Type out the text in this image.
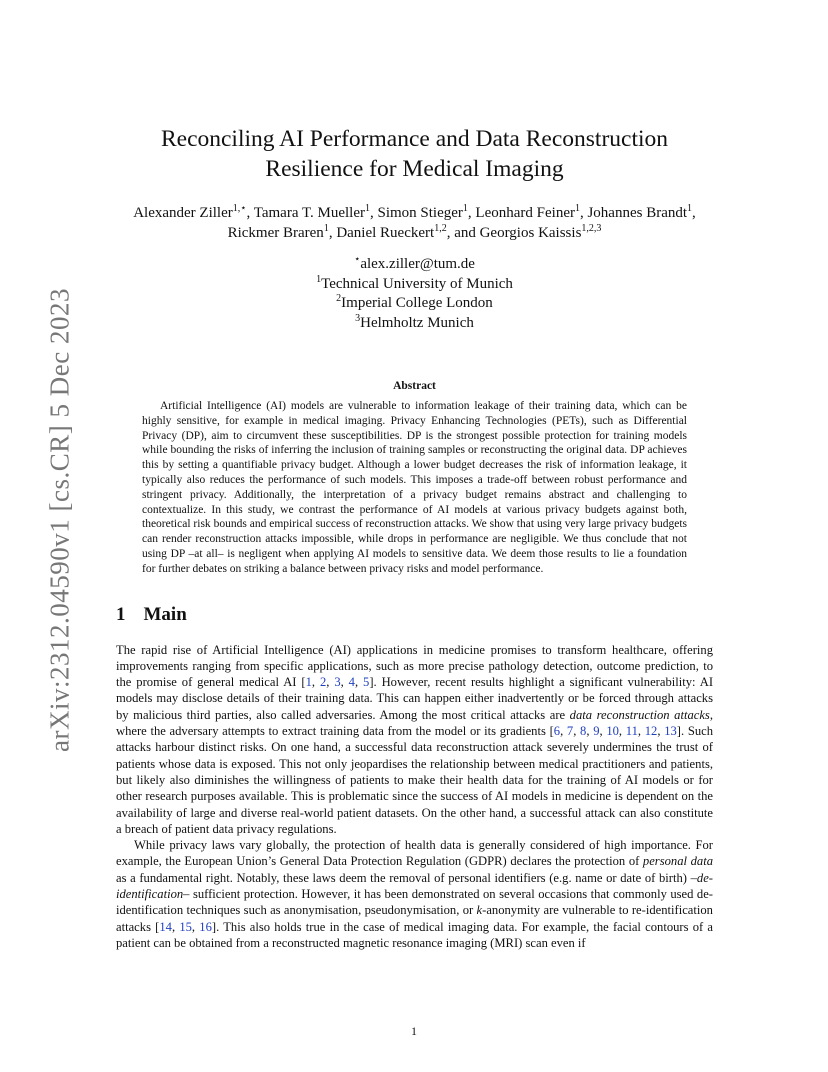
arXiv:2312.04590v1 [cs.CR] 5 Dec 2023
Reconciling AI Performance and Data Reconstruction
Resilience for Medical Imaging
Alexander Ziller$^{1,⋆}$, Tamara T. Mueller$^1$, Simon Stieger$^1$, Leonhard Feiner$^1$, Johannes Brandt$^1$, Rickmer Braren$^1$, Daniel Rueckert$^{1,2}$, and Georgios Kaissis$^{1,2,3}$
⋆alex.ziller@tum.de
$^1$Technical University of Munich
$^2$Imperial College London
$^3$Helmholtz Munich
Abstract

Artificial Intelligence (AI) models are vulnerable to information leakage of their training data, which can be highly sensitive, for example in medical imaging. Privacy Enhancing Technologies (PETs), such as Differential Privacy (DP), aim to circumvent these susceptibilities. DP is the strongest possible protection for training models while bounding the risks of inferring the inclusion of training samples or reconstructing the original data. DP achieves this by setting a quantifiable privacy budget. Although a lower budget decreases the risk of information leakage, it typically also reduces the performance of such models. This imposes a trade-off between robust performance and stringent privacy. Additionally, the interpretation of a privacy budget remains abstract and challenging to contextualize. In this study, we contrast the performance of AI models at various privacy budgets against both, theoretical risk bounds and empirical success of reconstruction attacks. We show that using very large privacy budgets can render reconstruction attacks impossible, while drops in performance are negligible. We thus conclude that not using DP –at all– is negligent when applying AI models to sensitive data. We deem those results to lie a foundation for further debates on striking a balance between privacy risks and model performance.

1 Main

The rapid rise of Artificial Intelligence (AI) applications in medicine promises to transform healthcare, offering improvements ranging from specific applications, such as more precise pathology detection, outcome prediction, to the promise of general medical AI [1, 2, 3, 4, 5]. However, recent results highlight a significant vulnerability: AI models may disclose details of their training data. This can happen either inadvertently or be forced through attacks by malicious third parties, also called adversaries. Among the most critical attacks are data reconstruction attacks, where the adversary attempts to extract training data from the model or its gradients [6, 7, 8, 9, 10, 11, 12, 13]. Such attacks harbour distinct risks. On one hand, a successful data reconstruction attack severely undermines the trust of patients whose data is exposed. This not only jeopardises the relationship between medical practitioners and patients, but likely also diminishes the willingness of patients to make their health data for the training of AI models or for other research purposes available. This is problematic since the success of AI models in medicine is dependent on the availability of large and diverse real-world patient datasets. On the other hand, a successful attack can also constitute a breach of patient data privacy regulations.

While privacy laws vary globally, the protection of health data is generally considered of high importance. For example, the European Union’s General Data Protection Regulation (GDPR) declares the protection of personal data as a fundamental right. Notably, these laws deem the removal of personal identifiers (e.g. name or date of birth) –de-identification– sufficient protection. However, it has been demonstrated on several occasions that commonly used de-identification techniques such as anonymisation, pseudonymisation, or k-anonymity are vulnerable to re-identification attacks [14, 15, 16]. This also holds true in the case of medical imaging data. For example, the facial contours of a patient can be obtained from a reconstructed magnetic resonance imaging (MRI) scan even if

1
